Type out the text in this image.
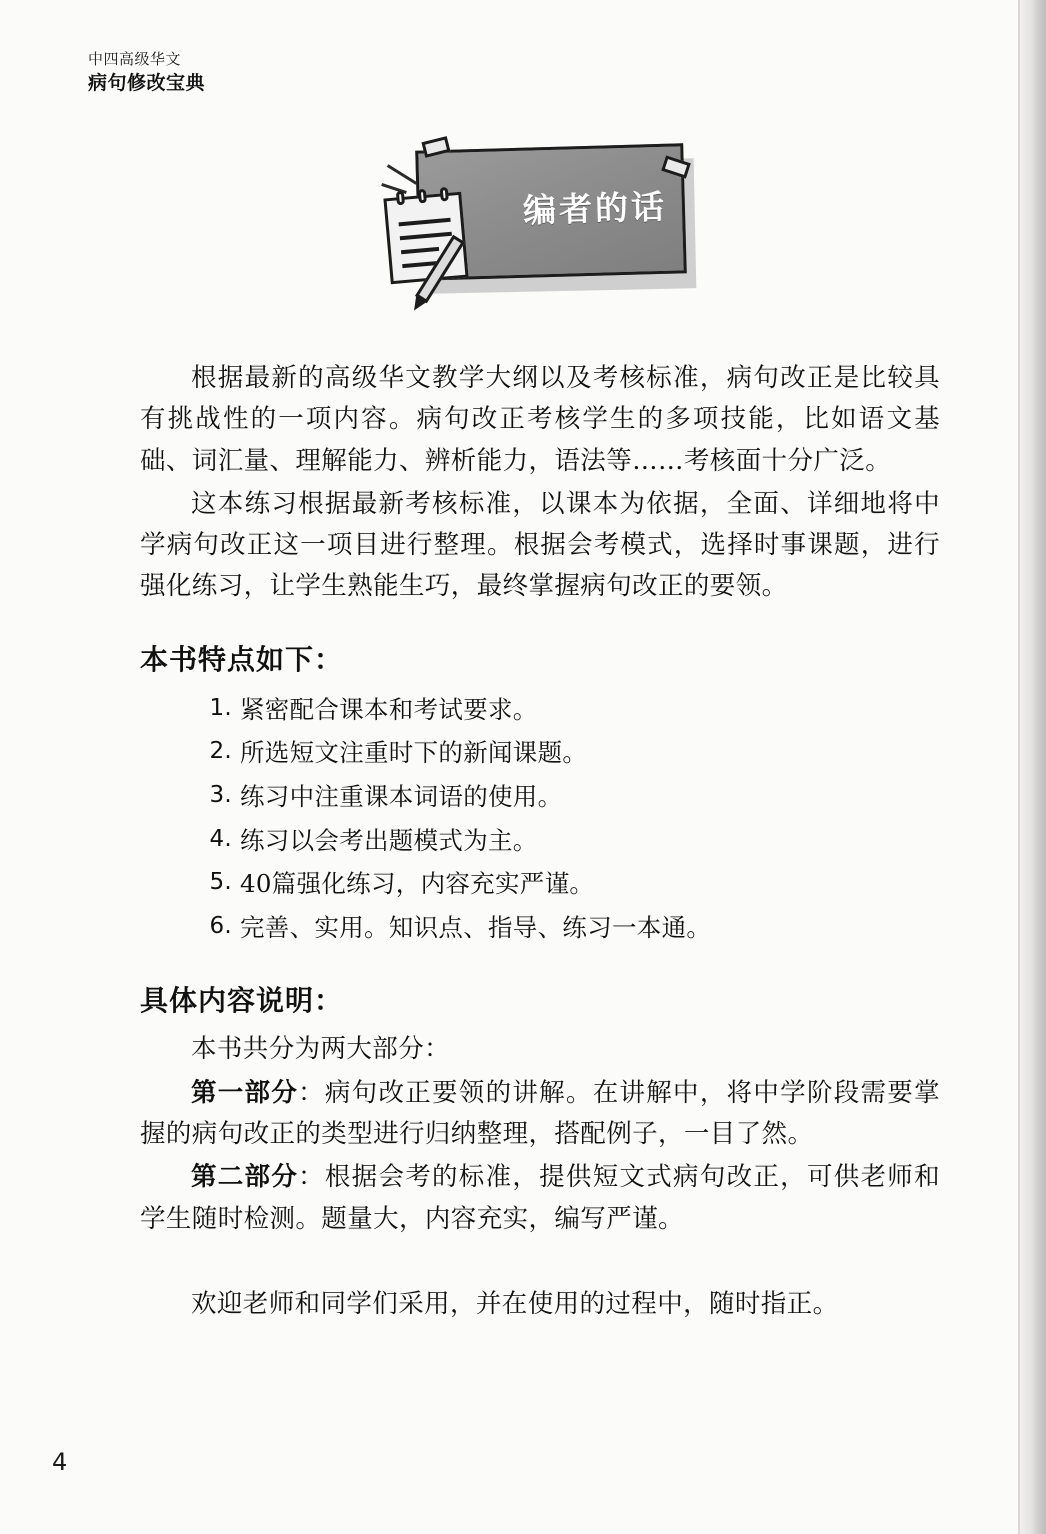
中四高级华文
病句修改宝典
编者的话

根据最新的高级华文教学大纲以及考核标准，病句改正是比较具有挑战性的一项内容。病句改正考核学生的多项技能，比如语文基础、词汇量、理解能力、辨析能力，语法等……考核面十分广泛。

这本练习根据最新考核标准，以课本为依据，全面、详细地将中学病句改正这一项目进行整理。根据会考模式，选择时事课题，进行强化练习，让学生熟能生巧，最终掌握病句改正的要领。

本书特点如下：
紧密配合课本和考试要求。
所选短文注重时下的新闻课题。
练习中注重课本词语的使用。
练习以会考出题模式为主。
40篇强化练习，内容充实严谨。
完善、实用。知识点、指导、练习一本通。
具体内容说明：

本书共分为两大部分：

第一部分：病句改正要领的讲解。在讲解中，将中学阶段需要掌握的病句改正的类型进行归纳整理，搭配例子，一目了然。

第二部分：根据会考的标准，提供短文式病句改正，可供老师和学生随时检测。题量大，内容充实，编写严谨。

欢迎老师和同学们采用，并在使用的过程中，随时指正。

4
